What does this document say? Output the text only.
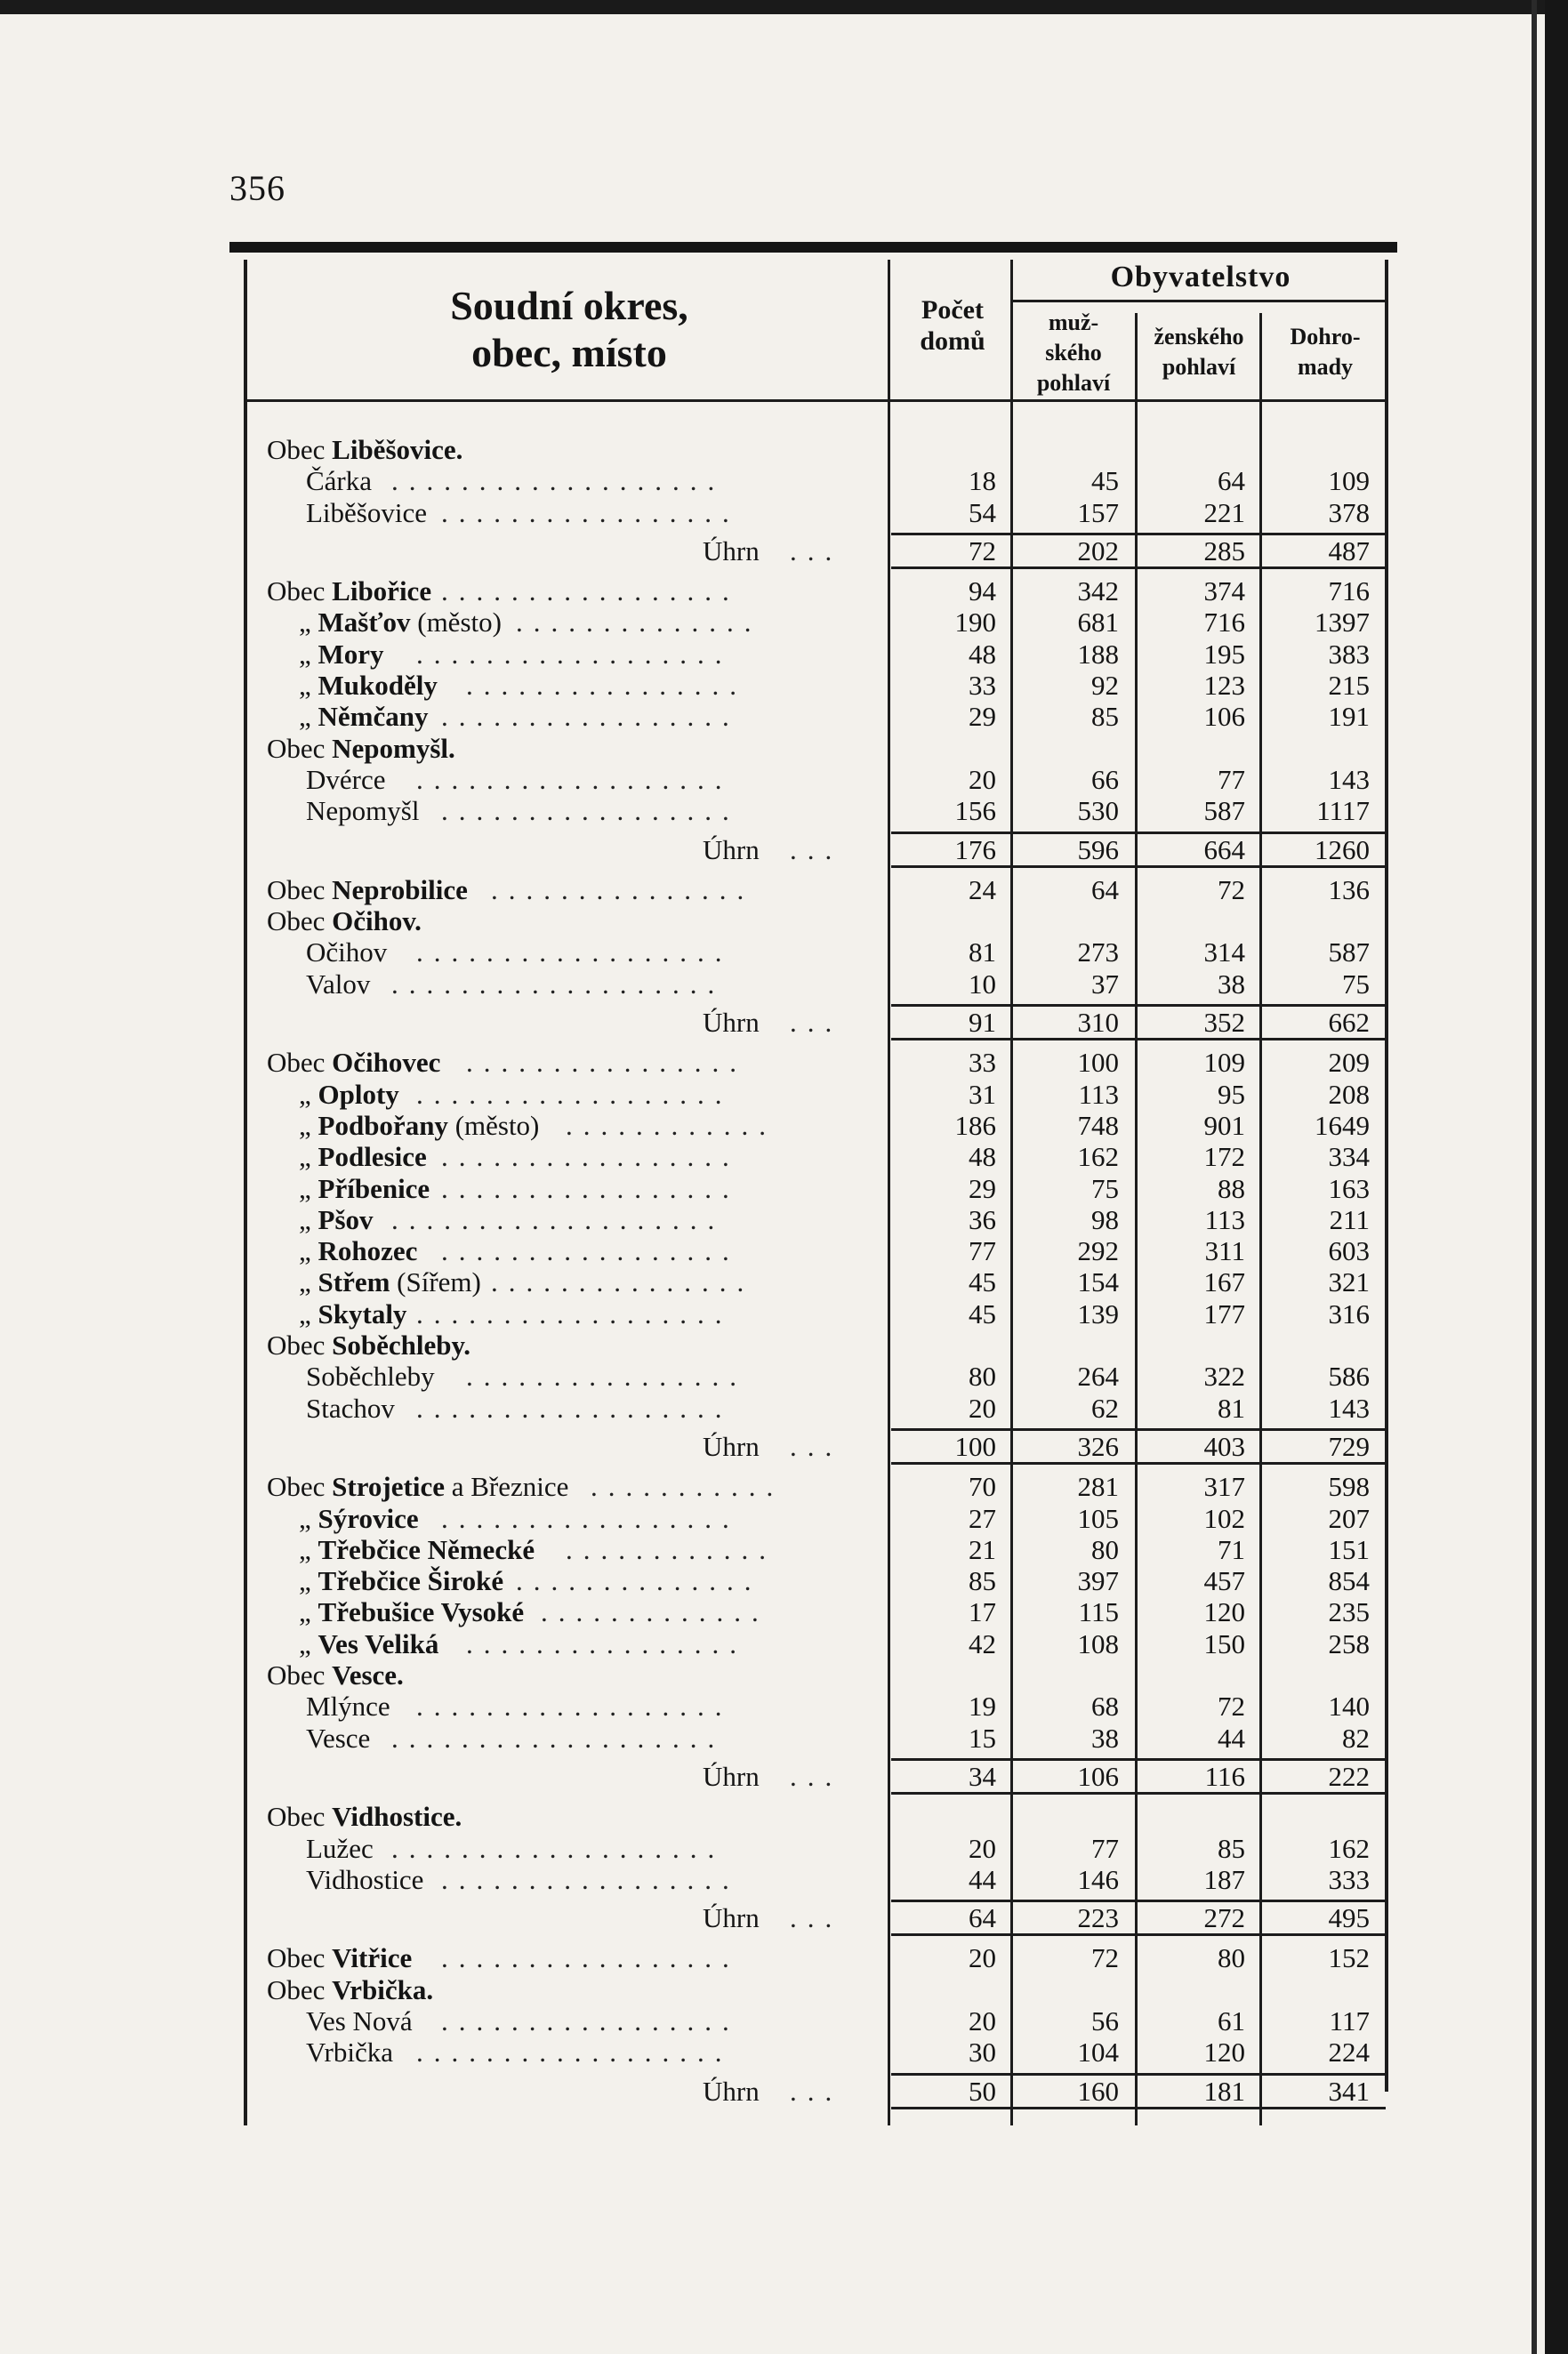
356
Soudní okres,
obec, místo
Počet
domů
Obyvatelstvo
muž-
ského
pohlaví
ženského
pohlaví
Dohro-
mady
Obec Liběšovice.
Čárka ...................	18	45	64	109
Liběšovice .................	54	157	221	378
Úhrn ...	72	202	285	487
Obec Libořice .................	94	342	374	716
„ Mašťov (město) ..............	190	681	716	1397
„ Mory ..................	48	188	195	383
„ Mukoděly ................	33	92	123	215
„ Němčany .................	29	85	106	191
Obec Nepomyšl.
Dvérce ..................	20	66	77	143
Nepomyšl .................	156	530	587	1117
Úhrn ...	176	596	664	1260
Obec Neprobilice ...............	24	64	72	136
Obec Očihov.
Očihov ..................	81	273	314	587
Valov ...................	10	37	38	75
Úhrn ...	91	310	352	662
Obec Očihovec ................	33	100	109	209
„ Oploty ..................	31	113	95	208
„ Podbořany (město) ............	186	748	901	1649
„ Podlesice .................	48	162	172	334
„ Příbenice .................	29	75	88	163
„ Pšov ...................	36	98	113	211
„ Rohozec .................	77	292	311	603
„ Střem (Sířem) ...............	45	154	167	321
„ Skytaly ..................	45	139	177	316
Obec Soběchleby.
Soběchleby ................	80	264	322	586
Stachov ..................	20	62	81	143
Úhrn ...	100	326	403	729
Obec Strojetice a Březnice ...........	70	281	317	598
„ Sýrovice .................	27	105	102	207
„ Třebčice Německé ............	21	80	71	151
„ Třebčice Široké ..............	85	397	457	854
„ Třebušice Vysoké .............	17	115	120	235
„ Ves Veliká ................	42	108	150	258
Obec Vesce.
Mlýnce ..................	19	68	72	140
Vesce ...................	15	38	44	82
Úhrn ...	34	106	116	222
Obec Vidhostice.
Lužec ...................	20	77	85	162
Vidhostice .................	44	146	187	333
Úhrn ...	64	223	272	495
Obec Vitřice .................	20	72	80	152
Obec Vrbička.
Ves Nová .................	20	56	61	117
Vrbička ..................	30	104	120	224
Úhrn ...	50	160	181	341
